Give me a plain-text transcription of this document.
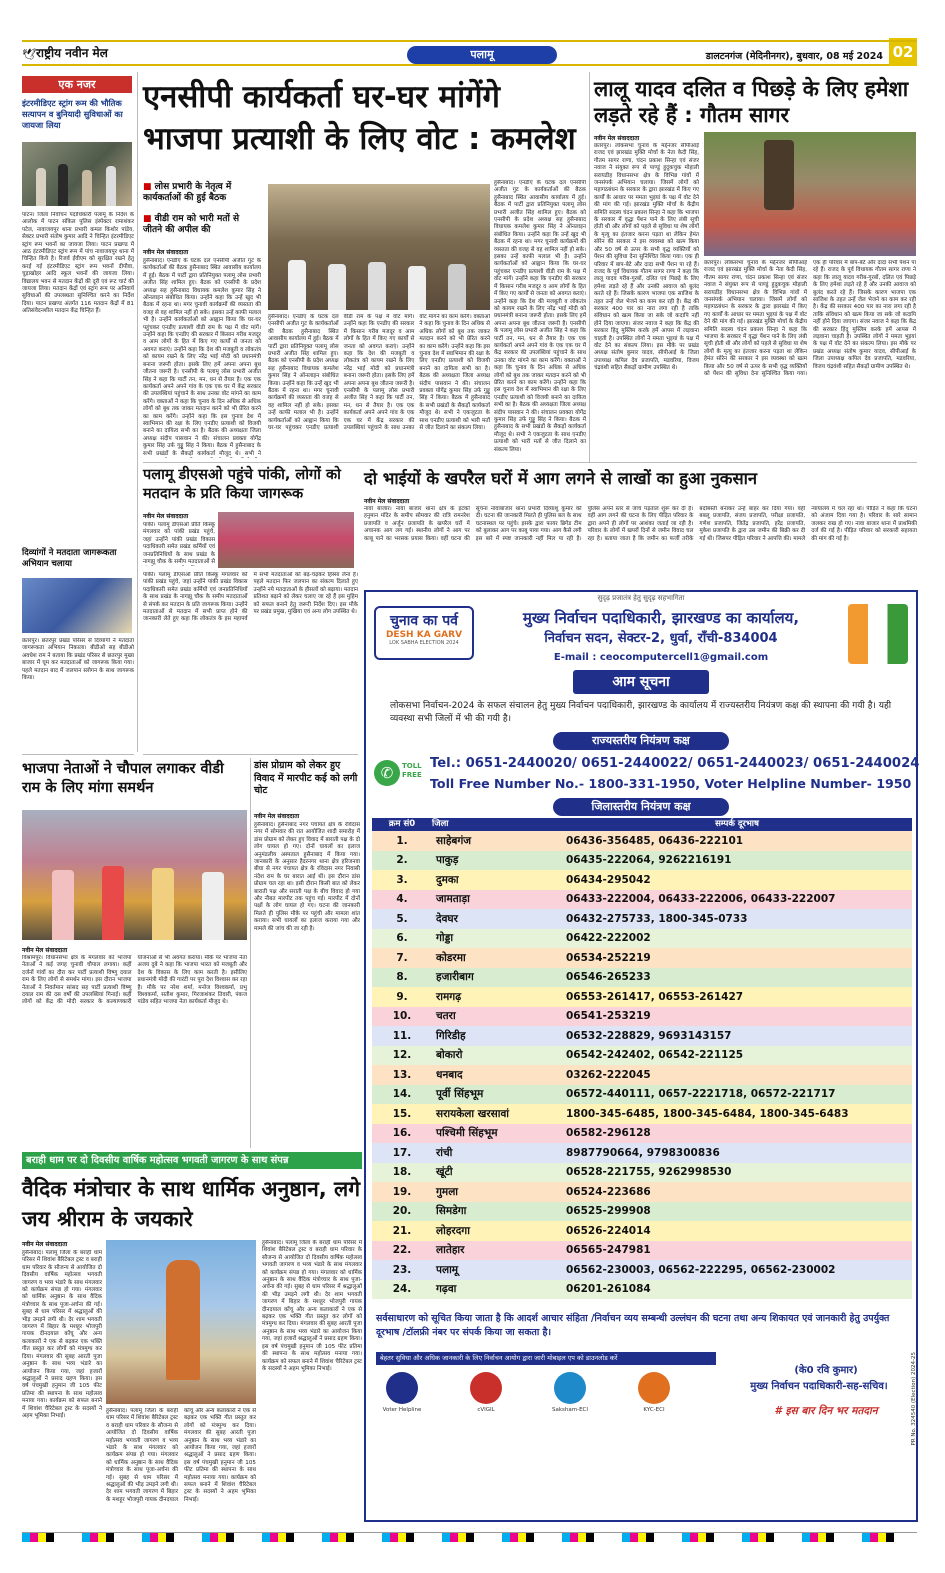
🕊 राष्ट्रीय नवीन मेल	पलामू	डालटनगंज (मेदिनीनगर), बुधवार, 08 मई 2024 02
एक नजर
इंटरमीडिएट स्ट्रांग रूम की भौतिक सत्यापन व बुनियादी सुविधाओं का जायजा लिया
पाटन। जिला निर्वाचन पदाधिकारी पलामू के निर्देश के आलोक में पाटन संकिल पुलिस इंस्पेक्टर रामाशंकर पटेल, नावाजयपुर थाना प्रभारी कमल किशोर पांडेय, सेक्टर प्रभारी संतोष कुमार आदि ने चिन्हित इंटरमीडिएट स्ट्रांग रूम भवनों का जायजा लिया। पाटन प्रखण्ड में आठ इंटरमीडिएट स्ट्रांग रूम में पांच नावाजयपुर थाना में चिन्हित किये है। रिजर्व ईवीएम को सुरक्षित रखने हेतु करई गई इंटरमीडिएट स्ट्रांग रूम भवनों दीपौवा, चुड़ाखोहर आदि स्कूल भवनों की जायजा लिया। विद्यालय भवन से मतदान केंद्रों की दूरी एवं रूट चार्ट की जायजा लिया। मतदान केंद्रों एवं स्ट्रांग रूम पर अनिवार्य सुविधाओं की उपलब्धता सुनिश्चित करने का निर्देश दिया। पाटन प्रखण्ड अंतर्गत 116 मतदान केंद्रों में 81 अतिसंवेदनशील मतदान केंद्र चिन्हित हैं।
दिव्यांगों ने मतदाता जागरूकता अभियान चलाया
छतरपुर। छतरपुर प्रखंड परिसर से दिव्यांगों ने मतदाता जागरूकता अभियान निकाला। बीडीओ सह बीडीओ अवधेश राम ने बताया कि प्रखंड परिसर से छतरपुर मुख्य बाजार में घूम कर मतदाताओं को जागरूक किया गया। पहले मतदान बाद में जलपान स्लोगन के साथ जागरूक किया।
एनसीपी कार्यकर्ता घर-घर मांगेंगे भाजपा प्रत्याशी के लिए वोट : कमलेश
■ लोस प्रभारी के नेतृत्व में कार्यकर्ताओं की हुई बैठक
■ वीडी राम को भारी मतों से जीतने की अपील की
नवीन मेल संवाददाता
हुसैनाबाद। एनडीए के घटक दल एनसीपी अजीत गुट के कार्यकर्ताओं की बैठक हुसैनाबाद स्थित आवासीय कार्यालय में हुई। बैठक में पार्टी द्वारा प्रतिनियुक्त पलामू लोस प्रभारी अजीत सिंह शामिल हुए। बैठक को एनसीपी के प्रदेश अध्यक्ष सह हुसैनाबाद विधायक कमलेश कुमार सिंह ने ऑनलाइन संबोधित किया। उन्होंने कहा कि उन्हें खुद भी बैठक में रहना था। मगर चुनावी कार्यक्रमों की व्यस्तता की वजह से वह शामिल नहीं हो सके। इसका उन्हें काफी मलाल भी है। उन्होंने कार्यकर्ताओं को आह्वान किया कि घर-घर पहुंचकर एनडीए प्रत्याशी वीडी राम के पक्ष में वोट मांगें। उन्होंने कहा कि एनडीए की सरकार में किसान गरीब मजदूर व आम लोगों के हित में किए गए कार्यों से जनता को अवगत कराएं। उन्होंने कहा कि देश की मजबूती व लोकतंत्र को कायम रखने के लिए नरेंद्र भाई मोदी को प्रधानमंत्री बनाना जरूरी होता। इसके लिए हमें अपना अपना बूथ जीतना जरूरी है। एनसीपी के पलामू लोस प्रभारी अजीत सिंह ने कहा कि पार्टी तन, मन, धन से तैयार है। एक एक कार्यकर्ता अपने अपने गांव के एक एक घर में केंद्र सरकार की उपलब्धियां पहुंचाने के साथ उनका वोट मांगने का काम करेंगे। वक्ताओं ने कहा कि चुनाव के दिन अधिक से अधिक लोगों को बूथ तक जाकर मतदान करने को भी प्रेरित करने का काम करेंगे। उन्होंने कहा कि इस चुनाव देश में स्वाभिमान की रक्षा के लिए एनडीए प्रत्याशी को विजयी बनाने का दायित्व सभी का है। बैठक की अध्यक्षता जिला अध्यक्ष संदीप पासवान ने की। संचालन प्रवक्ता योगेंद्र कुमार सिंह उर्फ गुड्डू सिंह ने किया। बैठक में हुसैनाबाद के सभी प्रखंडों के सैकड़ों कार्यकर्ता मौजूद थे। सभी ने
हुसैनाबाद। एनडीए के घटक दल एनसीपी अजीत गुट के कार्यकर्ताओं की बैठक हुसैनाबाद स्थित आवासीय कार्यालय में हुई। बैठक में पार्टी द्वारा प्रतिनियुक्त पलामू लोस प्रभारी अजीत सिंह शामिल हुए। बैठक को एनसीपी के प्रदेश अध्यक्ष सह हुसैनाबाद विधायक कमलेश कुमार सिंह ने ऑनलाइन संबोधित किया। उन्होंने कहा कि उन्हें खुद भी बैठक में रहना था। मगर चुनावी कार्यक्रमों की व्यस्तता की वजह से वह शामिल नहीं हो सके। इसका उन्हें काफी मलाल भी है। उन्होंने कार्यकर्ताओं को आह्वान किया कि घर-घर पहुंचकर एनडीए प्रत्याशी वीडी राम के पक्ष में वोट मांगें। उन्होंने कहा कि एनडीए की सरकार में किसान गरीब मजदूर व आम लोगों के हित में किए गए कार्यों से जनता को अवगत कराएं। उन्होंने कहा कि देश की मजबूती व लोकतंत्र को कायम रखने के लिए नरेंद्र भाई मोदी को प्रधानमंत्री बनाना जरूरी होता। इसके लिए हमें अपना अपना बूथ जीतना जरूरी है। एनसीपी के पलामू लोस प्रभारी अजीत सिंह ने कहा कि पार्टी तन, मन, धन से तैयार है। एक एक कार्यकर्ता अपने अपने गांव के एक एक घर में केंद्र सरकार की उपलब्धियां पहुंचाने के साथ उनका वोट मांगने का काम करेंगे। वक्ताओं ने कहा कि चुनाव के दिन अधिक से अधिक लोगों को बूथ तक जाकर मतदान करने को भी प्रेरित करने का काम करेंगे। उन्होंने कहा कि इस चुनाव देश में स्वाभिमान की रक्षा के लिए एनडीए प्रत्याशी को विजयी बनाने का दायित्व सभी का है। बैठक की अध्यक्षता जिला अध्यक्ष संदीप पासवान ने की। संचालन प्रवक्ता योगेंद्र कुमार सिंह उर्फ गुड्डू सिंह ने किया। बैठक में हुसैनाबाद के सभी प्रखंडों के सैकड़ों कार्यकर्ता मौजूद थे। सभी ने एकजुटता के साथ एनडीए प्रत्याशी को भारी मतों से जीत दिलाने का संकल्प लिया।
हुसैनाबाद। एनडीए के घटक दल एनसीपी अजीत गुट के कार्यकर्ताओं की बैठक हुसैनाबाद स्थित आवासीय कार्यालय में हुई। बैठक में पार्टी द्वारा प्रतिनियुक्त पलामू लोस प्रभारी अजीत सिंह शामिल हुए। बैठक को एनसीपी के प्रदेश अध्यक्ष सह हुसैनाबाद विधायक कमलेश कुमार सिंह ने ऑनलाइन संबोधित किया। उन्होंने कहा कि उन्हें खुद भी बैठक में रहना था। मगर चुनावी कार्यक्रमों की व्यस्तता की वजह से वह शामिल नहीं हो सके। इसका उन्हें काफी मलाल भी है। उन्होंने कार्यकर्ताओं को आह्वान किया कि घर-घर पहुंचकर एनडीए प्रत्याशी वीडी राम के पक्ष में वोट मांगें। उन्होंने कहा कि एनडीए की सरकार में किसान गरीब मजदूर व आम लोगों के हित में किए गए कार्यों से जनता को अवगत कराएं। उन्होंने कहा कि देश की मजबूती व लोकतंत्र को कायम रखने के लिए नरेंद्र भाई मोदी को प्रधानमंत्री बनाना जरूरी होता। इसके लिए हमें अपना अपना बूथ जीतना जरूरी है। एनसीपी के पलामू लोस प्रभारी अजीत सिंह ने कहा कि पार्टी तन, मन, धन से तैयार है। एक एक कार्यकर्ता अपने अपने गांव के एक एक घर में केंद्र सरकार की उपलब्धियां पहुंचाने के साथ उनका वोट मांगने का काम करेंगे। वक्ताओं ने कहा कि चुनाव के दिन अधिक से अधिक लोगों को बूथ तक जाकर मतदान करने को भी प्रेरित करने का काम करेंगे। उन्होंने कहा कि इस चुनाव देश में स्वाभिमान की रक्षा के लिए एनडीए प्रत्याशी को विजयी बनाने का दायित्व सभी का है। बैठक की अध्यक्षता जिला अध्यक्ष संदीप पासवान ने की। संचालन प्रवक्ता योगेंद्र कुमार सिंह उर्फ गुड्डू सिंह ने किया। बैठक में हुसैनाबाद के सभी प्रखंडों के सैकड़ों कार्यकर्ता मौजूद थे। सभी ने एकजुटता के साथ एनडीए प्रत्याशी को भारी मतों से जीत दिलाने का संकल्प लिया।
लालू यादव दलित व पिछड़े के लिए हमेशा लड़ते रहे हैं : गौतम सागर
नवीन मेल संवाददाता
छतरपुर। लोकसभा चुनाव के मद्देनजर सीपीआई राजद एवं झारखंड मुक्ति मोर्चा के नेता केदी सिंह, गौतम सागर राणा, चंदन प्रकाश सिन्हा एवं संजर नवाज ने संयुक्त रूप से पाण्डुं हुदुकचुक मोहाली सरायडीह विधानसभा क्षेत्र के विभिन्न गांवों में जनसंपर्क अभियान चलाया। जिसमें लोगों को महागठबंधन के सरकार के द्वारा झारखंड में किए गए कार्यों के आधार पर ममता भुइयां के पक्ष में वोट देने की मांग की गई। झारखंड मुक्ति मोर्चा के केंद्रीय समिति सदस्य चंदन प्रकाश सिन्हा ने कहा कि भाजपा के सरकार में वृद्धा पेंशन पाने के लिए लंबी सूची होती थी और लोगों को पहले से सुविधा या शेष लोगों के मृत्यु का इंतजार करना पड़ता था लेकिन हेमंत सोरेन की सरकार ने इस व्यवस्था को खत्म किया और 50 वर्ष से ऊपर के सभी वृद्ध व्यक्तियों को पेंशन की सुविधा देना सुनिश्चित किया गया। एक ही परिवार में बाप-बेटे और दादा सभी पेंशन पा रहे हैं। राजद के पूर्व विधायक गौतम सागर राणा ने कहा कि लालू यादव गरीब-गुरबों, दलित एवं पिछड़े के लिए हमेशा लड़ते रहे हैं और उनकी आवाज को बुलंद करते रहे हैं। जिसके कारण भाजपा एक साजिश के तहत उन्हें जेल भेजने का काम कर रही है। केंद्र की सरकार 400 पार का नारा लगा रही है ताकि संविधान को खत्म किया जा सके जो कदापि नहीं होने दिया जाएगा। संजर नवाज ने कहा कि केंद्र की सरकार हिंदू मुस्लिम करके हमें आपस में लड़वाना चाहती है। उपस्थित लोगों ने ममता भुइयां के पक्ष में वोट देने का संकल्प लिया। इस मौके पर प्रखंड अध्यक्ष संतोष कुमार यादव, सीपीआई के जिला उपाध्यक्ष कपिल देव प्रजापति, मडवरिया, विजय चंद्रवंशी सहित सैकड़ों ग्रामीण उपस्थित थे।
छतरपुर। लोकसभा चुनाव के मद्देनजर सीपीआई राजद एवं झारखंड मुक्ति मोर्चा के नेता केदी सिंह, गौतम सागर राणा, चंदन प्रकाश सिन्हा एवं संजर नवाज ने संयुक्त रूप से पाण्डुं हुदुकचुक मोहाली सरायडीह विधानसभा क्षेत्र के विभिन्न गांवों में जनसंपर्क अभियान चलाया। जिसमें लोगों को महागठबंधन के सरकार के द्वारा झारखंड में किए गए कार्यों के आधार पर ममता भुइयां के पक्ष में वोट देने की मांग की गई। झारखंड मुक्ति मोर्चा के केंद्रीय समिति सदस्य चंदन प्रकाश सिन्हा ने कहा कि भाजपा के सरकार में वृद्धा पेंशन पाने के लिए लंबी सूची होती थी और लोगों को पहले से सुविधा या शेष लोगों के मृत्यु का इंतजार करना पड़ता था लेकिन हेमंत सोरेन की सरकार ने इस व्यवस्था को खत्म किया और 50 वर्ष से ऊपर के सभी वृद्ध व्यक्तियों को पेंशन की सुविधा देना सुनिश्चित किया गया। एक ही परिवार में बाप-बेटे और दादा सभी पेंशन पा रहे हैं। राजद के पूर्व विधायक गौतम सागर राणा ने कहा कि लालू यादव गरीब-गुरबों, दलित एवं पिछड़े के लिए हमेशा लड़ते रहे हैं और उनकी आवाज को बुलंद करते रहे हैं। जिसके कारण भाजपा एक साजिश के तहत उन्हें जेल भेजने का काम कर रही है। केंद्र की सरकार 400 पार का नारा लगा रही है ताकि संविधान को खत्म किया जा सके जो कदापि नहीं होने दिया जाएगा। संजर नवाज ने कहा कि केंद्र की सरकार हिंदू मुस्लिम करके हमें आपस में लड़वाना चाहती है। उपस्थित लोगों ने ममता भुइयां के पक्ष में वोट देने का संकल्प लिया। इस मौके पर प्रखंड अध्यक्ष संतोष कुमार यादव, सीपीआई के जिला उपाध्यक्ष कपिल देव प्रजापति, मडवरिया, विजय चंद्रवंशी सहित सैकड़ों ग्रामीण उपस्थित थे।
पलामू डीएसओ पहुंचे पांकी, लोगों को मतदान के प्रति किया जागरूक
नवीन मेल संवाददाता
पांकी। पलामू डीएसओ प्रीति किस्कू मंगलवार को पांकी प्रखंड पहुंचे, जहां उन्होंने पांकी प्रखंड विकास पदाधिकारी समेत प्रखंड कर्मियों एवं जनप्रतिनिधियों के साथ प्रखंड के नागझू चौक के समीप मतदाताओं से
पांकी। पलामू डीएसओ प्रीति किस्कू मंगलवार को पांकी प्रखंड पहुंचे, जहां उन्होंने पांकी प्रखंड विकास पदाधिकारी समेत प्रखंड कर्मियों एवं जनप्रतिनिधियों के साथ प्रखंड के नागझू चौक के समीप मतदाताओं से संपर्क कर मतदान के प्रति जागरूक किया। उन्होंने मतदाताओं से मतदान में सभी प्राप्त होने की जानकारी लेते हुए कहा कि लोकतंत्र के इस महापर्व में सभी मतदाताओं को बढ़-चढ़कर हिस्सा लेना है। पहले मतदान फिर जलपान का संकल्प दिलाते हुए उन्होंने नये मतदाताओं के हौसलों को बढ़ाया। मतदान प्रतिशत बढ़ाने को लेकर चलाए जा रहे हैं इस मुहिम को सफल बनाने हेतु जरूरी निर्देश दिए। इस मौके पर प्रखंड प्रमुख, मुखिया एवं अन्य लोग उपस्थित थे।
दो भाईयों के खपरैल घरों में आग लगने से लाखों का हुआ नुकसान
नवीन मेल संवाददाता
नावा बाजार। नावा बाजार थाना क्षेत्र के इटको हनुमान मंदिर के समीप सोमवार की रात्रि रामनरेश प्रजापति व अर्जुन प्रजापति के खपरैल घरों में अचानक आग लग गई। स्थानीय लोगों ने आग पर काबू पाने का भरसक प्रयास किया। वहीं घटना की सूचना नावाबाजार थाना प्रभारी दिव्यांशु कुमार को दी। घटना की जानकारी मिलते ही पुलिस बल के साथ घटनास्थल पर पहुंचे। इसके द्वारा फायर ब्रिगेड टीम को बुलाकर आग पर काबू पाया गया। आग कैसे लगी इस बारे में स्पष्ट जानकारी नहीं मिल पा रही है। पुलिस अपने स्तर से जांच पड़ताल शुरू कर दी है। वहीं आग लगने की घटना के लिए पीड़ित परिवार के द्वारा अपने ही लोगों पर आशंका जताई जा रही है। परिवार के लोगों में खपरों दिनों से जमीन विवाद चल रहा है। बताया जाता है कि जमीन का फर्जी तरीके बंदोबस्ती बनाकर उन्हें बाहर कर दिया गया। वहीं बबलू प्रजापति, संजय प्रजापति, परीक्षा प्रजापति, गणेश प्रजापति, जितेंद्र प्रजापति, हरेंद्र प्रजापति, मुकेश प्रजापति के द्वारा उस जमीन की बिक्री कर दी गई थी। जिसपर पीड़ित परिवार ने आपत्ति की। मामले न्यायालय में चल रहा था। पीड़ित ने कहा कि घटना को अंजाम दिया गया है। परिवार के सारे सामान जलकर राख हो गए। नावा बाजार थाना में प्राथमिकी दर्ज की गई है। पीड़ित परिवार को सरकारी सहायता की मांग की गई है।
भाजपा नेताओं ने चौपाल लगाकर वीडी राम के लिए मांगा समर्थन
नवीन मेल संवाददाता
विश्रामपुर। विधानसभा क्षेत्र के मंगलवार को भाजपा नेताओं ने कई जगह चुनावी चौपाल लगाया। कहीं दर्जनों गांवों का दौरा कर पार्टी प्रत्याशी विष्णु दयाल राम के लिए लोगों से समर्थन मांगा। इस दौरान भाजपा नेताओं ने निवर्तमान सांसद सह पार्टी प्रत्याशी विष्णु दयाल राम की दस वर्षों की उपलब्धियां गिनाई। कहीं लोगों को केंद्र की मोदी सरकार के कल्याणकारी योजनाओं से भी अवगत कराया। मौके पर भाजपा नेता अजय दुबे ने कहा कि भाजपा भारत को मजबूती और देश के विकास के लिए काम करती है। इसीलिए प्रधानमंत्री मोदी की गारंटी पर पूरा देश विश्वास कर रहा है। मौके पर नरेश शर्मा, मनोज विश्वकर्मा, प्रभु विश्वकर्मा, सतीश कुमार, गिरजाशंकर तिवारी, पंकज पांडेय सहित भाजपा नेता कार्यकर्ता मौजूद थे।
डांस प्रोग्राम को लेकर हुए विवाद में मारपीट कई को लगी चोट
नवीन मेल संवाददाता
हुसैनाबाद। हुसैनाबाद नगर पंचायत क्षेत्र के रविदास नगर में सोमवार की रात आयोजित शादी समारोह में डांस प्रोग्राम को लेकर हुए विवाद में बाराती पक्ष के दो लोग घायल हो गए। दोनों घायलों का इलाज अनुमंडलीय अस्पताल हुसैनाबाद में किया गया। जानकारी के अनुसार हैदरनगर थाना क्षेत्र हरिजनवा बीघा से नगर पंचायत क्षेत्र के रविदास नगर निवासी नंदेश राम के घर बारात आई थी। इस दौरान डांस प्रोग्राम चल रहा था। इसी दौरान किसी बात को लेकर बाराती पक्ष और सराती पक्ष के बीच विवाद हो गया और नौबत मारपीट तक पहुंच गई। मारपीट में दोनों पक्षों के लोग घायल हो गए। घटना की जानकारी मिलते ही पुलिस मौके पर पहुंची और मामला शांत कराया। सभी घायलों का इलाज कराया गया और मामले की जांच की जा रही है।
बराही धाम पर दो दिवसीय वार्षिक महोत्सव भगवती जागरण के साथ संपन्न
वैदिक मंत्रोचार के साथ धार्मिक अनुष्ठान, लगे जय श्रीराम के जयकारे
नवीन मेल संवाददाता
हुसैनाबाद। पलामू जिला के बराही धाम परिसर में शिवांश बैरिटेबल ट्रस्ट व बराही धाम परिवार के सौजन्य से आयोजित दो दिवसीय वार्षिक महोत्सव भगवती जागरण व भव्य भंडारे के साथ मंगलवार को कार्यक्रम संपन्न हो गया। मंगलवार को धार्मिक अनुष्ठान के साथ वैदिक मंत्रोच्चार के साथ पूजा-अर्चना की गई। सुबह से धाम परिसर में श्रद्धालुओं की भीड़ उमड़ने लगी थी। देर शाम भगवती जागरण में बिहार के मशहूर भोजपुरी गायक दीनदयाल कोंचू और अन्य कलाकारों ने एक से बढ़कर एक भक्ति गीत प्रस्तुत कर लोगों को मंत्रमुग्ध कर दिया। मंगलवार की सुबह आरती पूजा अनुष्ठान के साथ भव्य भंडारे का आयोजन किया गया, जहां हजारों श्रद्धालुओं ने प्रसाद ग्रहण किया। इस वर्ष पंचमुखी हनुमान जी 105 फीट प्रतिमा की स्थापना के साथ महोत्सव मनाया गया। कार्यक्रम को सफल बनाने में शिवांश चैरिटेबल ट्रस्ट के सदस्यों ने अहम भूमिका निभाई।
हुसैनाबाद। पलामू जिला के बराही धाम परिसर में शिवांश बैरिटेबल ट्रस्ट व बराही धाम परिवार के सौजन्य से आयोजित दो दिवसीय वार्षिक महोत्सव भगवती जागरण व भव्य भंडारे के साथ मंगलवार को कार्यक्रम संपन्न हो गया। मंगलवार को धार्मिक अनुष्ठान के साथ वैदिक मंत्रोच्चार के साथ पूजा-अर्चना की गई। सुबह से धाम परिसर में श्रद्धालुओं की भीड़ उमड़ने लगी थी। देर शाम भगवती जागरण में बिहार के मशहूर भोजपुरी गायक दीनदयाल कोंचू और अन्य कलाकारों ने एक से बढ़कर एक भक्ति गीत प्रस्तुत कर लोगों को मंत्रमुग्ध कर दिया। मंगलवार की सुबह आरती पूजा अनुष्ठान के साथ भव्य भंडारे का आयोजन किया गया, जहां हजारों श्रद्धालुओं ने प्रसाद ग्रहण किया। इस वर्ष पंचमुखी हनुमान जी 105 फीट प्रतिमा की स्थापना के साथ महोत्सव मनाया गया। कार्यक्रम को सफल बनाने में शिवांश चैरिटेबल ट्रस्ट के सदस्यों ने अहम भूमिका निभाई।
हुसैनाबाद। पलामू जिला के बराही धाम परिसर में शिवांश बैरिटेबल ट्रस्ट व बराही धाम परिवार के सौजन्य से आयोजित दो दिवसीय वार्षिक महोत्सव भगवती जागरण व भव्य भंडारे के साथ मंगलवार को कार्यक्रम संपन्न हो गया। मंगलवार को धार्मिक अनुष्ठान के साथ वैदिक मंत्रोच्चार के साथ पूजा-अर्चना की गई। सुबह से धाम परिसर में श्रद्धालुओं की भीड़ उमड़ने लगी थी। देर शाम भगवती जागरण में बिहार के मशहूर भोजपुरी गायक दीनदयाल कोंचू और अन्य कलाकारों ने एक से बढ़कर एक भक्ति गीत प्रस्तुत कर लोगों को मंत्रमुग्ध कर दिया। मंगलवार की सुबह आरती पूजा अनुष्ठान के साथ भव्य भंडारे का आयोजन किया गया, जहां हजारों श्रद्धालुओं ने प्रसाद ग्रहण किया। इस वर्ष पंचमुखी हनुमान जी 105 फीट प्रतिमा की स्थापना के साथ महोत्सव मनाया गया। कार्यक्रम को सफल बनाने में शिवांश चैरिटेबल ट्रस्ट के सदस्यों ने अहम भूमिका निभाई।
सुदृढ़ प्रजातंत्र हेतु सुदृढ़ सहभागिता
चुनाव का पर्व
DESH KA GARV
LOK SABHA ELECTION 2024
मुख्य निर्वाचन पदाधिकारी, झारखण्ड का कार्यालय,
निर्वाचन सदन, सेक्टर-2, धुर्वा, राँची-834004
E-mail : ceocomputercell1@gmail.com
आम सूचना
लोकसभा निर्वाचन-2024 के सफल संचालन हेतु मुख्य निर्वाचन पदाधिकारी, झारखण्ड के कार्यालय में राज्यस्तरीय नियंत्रण कक्ष की स्थापना की गयी है। यही व्यवस्था सभी जिलों में भी की गयी है।
राज्यस्तरीय नियंत्रण कक्ष
✆	TOLL FREE
Tel.: 0651-2440020/ 0651-2440022/ 0651-2440023/ 0651-2440024
Toll Free Number No.- 1800-331-1950, Voter Helpline Number- 1950
जिलास्तरीय नियंत्रण कक्ष
क्रम सं0	जिला	सम्पर्क दूरभाष
1.	साहेबगंज	06436-356485, 06436-222101
2.	पाकुड़	06435-222064, 9262216191
3.	दुमका	06434-295042
4.	जामताड़ा	06433-222004, 06433-222006, 06433-222007
5.	देवघर	06432-275733, 1800-345-0733
6.	गोड्डा	06422-222002
7.	कोडरमा	06534-252219
8.	हजारीबाग	06546-265233
9.	रामगढ़	06553-261417, 06553-261427
10.	चतरा	06541-253219
11.	गिरिडीह	06532-228829, 9693143157
12.	बोकारो	06542-242402, 06542-221125
13.	धनबाद	03262-222045
14.	पूर्वी सिंहभूम	06572-440111, 0657-2221718, 06572-221717
15.	सरायकेला खरसावां	1800-345-6485, 1800-345-6484, 1800-345-6483
16.	पश्चिमी सिंहभूम	06582-296128
17.	रांची	8987790664, 9798300836
18.	खूंटी	06528-221755, 9262998530
19.	गुमला	06524-223686
20.	सिमडेगा	06525-299908
21.	लोहरदगा	06526-224014
22.	लातेहार	06565-247981
23.	पलामू	06562-230003, 06562-222295, 06562-230002
24.	गढ़वा	06201-261084
सर्वसाधारण को सूचित किया जाता है कि आदर्श आचार संहिता /निर्वाचन व्यय सम्बन्धी उल्लंघन की घटना तथा अन्य शिकायत एवं जानकारी हेतु उपर्युक्त दूरभाष /टॉलफ्री नंबर पर संपर्क किया जा सकता है।
बेहतर सुविधा और अधिक जानकारी के लिए निर्वाचन आयोग द्वारा जारी मोबाइल एप को डाउनलोड करें
Voter Helpline	cVIGIL	Saksham-ECI	KYC-ECI
(के0 रवि कुमार)
मुख्य निर्वाचन पदाधिकारी-सह-सचिव।
# इस बार दिन भर मतदान	PR No. 324540 (Election) 2024-25
